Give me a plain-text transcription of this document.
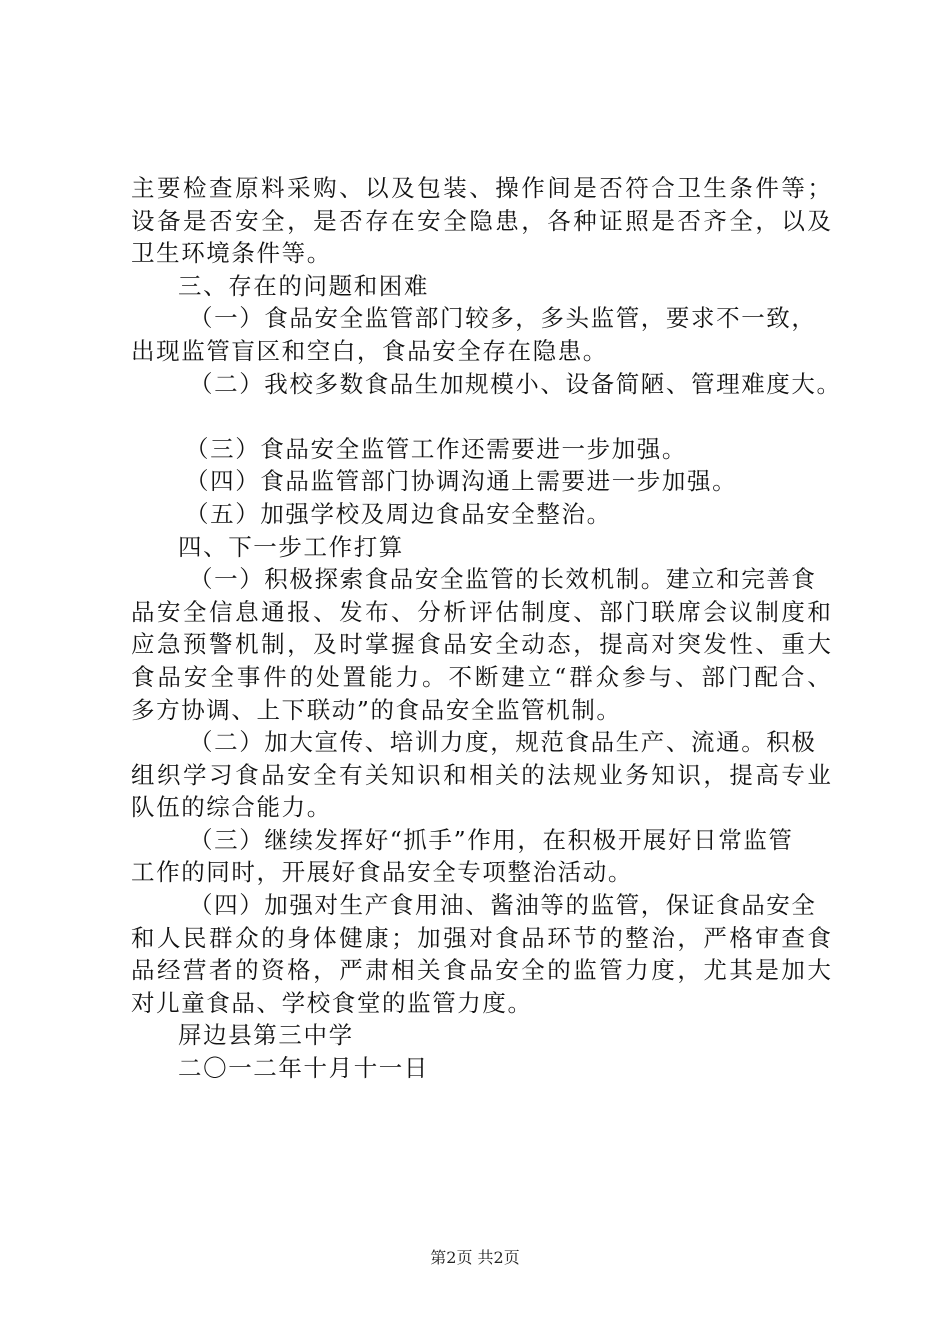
主 要 检 查 原 料 采 购 、 以 及 包 装 、 操 作 间 是 否 符 合 卫 生 条 件 等 ；
设 备 是 否 安 全 ， 是 否 存 在 安 全 隐 患 ， 各 种 证 照 是 否 齐 全 ， 以 及
卫生环境条件等。
三、存在的问题和困难
（一）食品安全监管部门较多，多头监管，要求不一致，
出现监管盲区和空白，食品安全存在隐患。
（二）我校多数食品生加规模小、设备简陋、管理难度大。
（三）食品安全监管工作还需要进一步加强。
（四）食品监管部门协调沟通上需要进一步加强。
（五）加强学校及周边食品安全整治。
四、下一步工作打算
（一）积极探索食品安全监管的长效机制。建立和完善食
品 安 全 信 息 通 报 、 发 布 、 分 析 评 估 制 度 、 部 门 联 席 会 议 制 度 和
应 急 预 警 机 制 ， 及 时 掌 握 食 品 安 全 动 态 ， 提 高 对 突 发 性 、 重 大
食 品 安 全 事 件 的 处 置 能 力 。 不 断 建 立 “ 群 众 参 与 、 部 门 配 合 、
多方协调、上下联动”的食品安全监管机制。
（二）加大宣传、培训力度，规范食品生产、流通。积极
组 织 学 习 食 品 安 全 有 关 知 识 和 相 关 的 法 规 业 务 知 识 ， 提 高 专 业
队伍的综合能力。
（三）继续发挥好“抓手”作用，在积极开展好日常监管
工作的同时，开展好食品安全专项整治活动。
（四）加强对生产食用油、酱油等的监管，保证食品安全
和 人 民 群 众 的 身 体 健 康 ； 加 强 对 食 品 环 节 的 整 治 ， 严 格 审 查 食
品 经 营 者 的 资 格 ， 严 肃 相 关 食 品 安 全 的 监 管 力 度 ， 尤 其 是 加 大
对儿童食品、学校食堂的监管力度。
屏边县第三中学
二〇一二年十月十一日
第2页 共2页
